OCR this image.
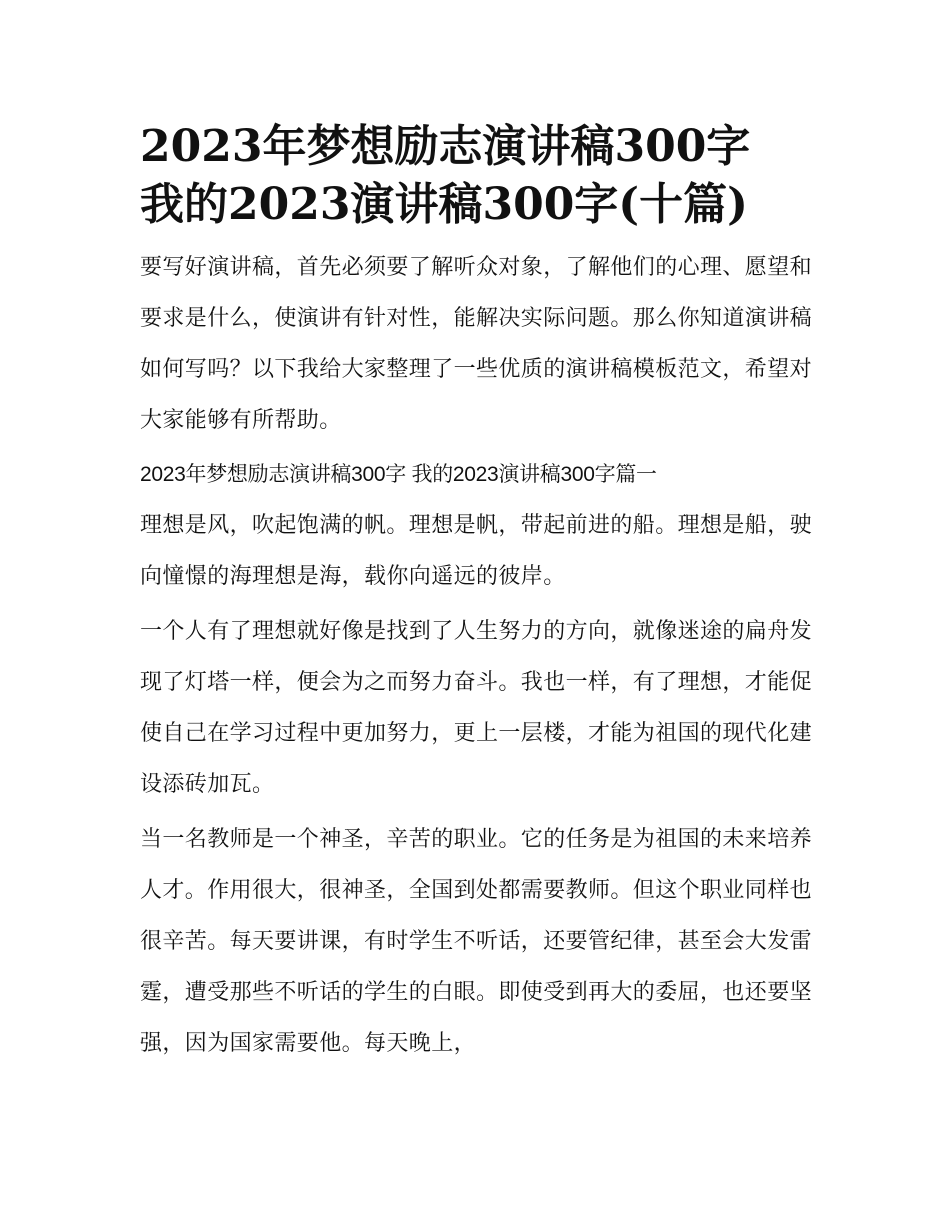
2023年梦想励志演讲稿300字
我的2023演讲稿300字(十篇)

要写好演讲稿，首先必须要了解听众对象，了解他们的心理、愿望和要求是什么，使演讲有针对性，能解决实际问题。那么你知道演讲稿如何写吗？以下我给大家整理了一些优质的演讲稿模板范文，希望对大家能够有所帮助。

2023年梦想励志演讲稿300字 我的2023演讲稿300字篇一

理想是风，吹起饱满的帆。理想是帆，带起前进的船。理想是船，驶向憧憬的海理想是海，载你向遥远的彼岸。

一个人有了理想就好像是找到了人生努力的方向，就像迷途的扁舟发现了灯塔一样，便会为之而努力奋斗。我也一样，有了理想，才能促使自己在学习过程中更加努力，更上一层楼，才能为祖国的现代化建设添砖加瓦。

当一名教师是一个神圣，辛苦的职业。它的任务是为祖国的未来培养人才。作用很大，很神圣，全国到处都需要教师。但这个职业同样也很辛苦。每天要讲课，有时学生不听话，还要管纪律，甚至会大发雷霆，遭受那些不听话的学生的白眼。即使受到再大的委屈，也还要坚强，因为国家需要他。每天晚上，
